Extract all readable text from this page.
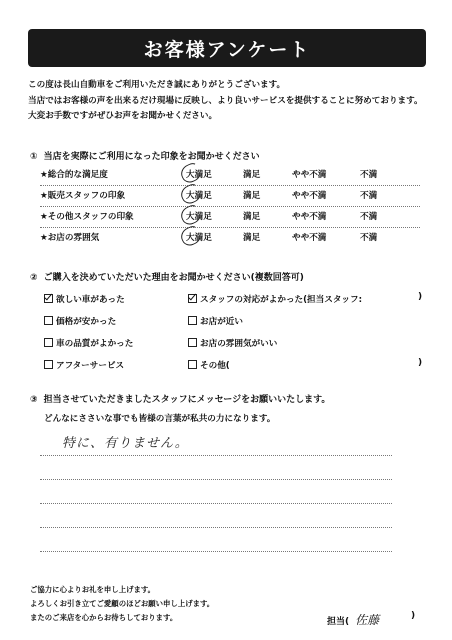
お客様アンケート
この度は長山自動車をご利用いただき誠にありがとうございます。
当店ではお客様の声を出来るだけ現場に反映し、より良いサービスを提供することに努めております。
大変お手数ですがぜひお声をお聞かせください。
① 当店を実際にご利用になった印象をお聞かせください
★総合的な満足度	大満足	満足	やや不満	不満
★販売スタッフの印象	大満足	満足	やや不満	不満
★その他スタッフの印象	大満足	満足	やや不満	不満
★お店の雰囲気	大満足	満足	やや不満	不満
② ご購入を決めていただいた理由をお聞かせください(複数回答可)
欲しい車があった	スタッフの対応がよかった(担当スタッフ:	)
価格が安かった	お店が近い
車の品質がよかった	お店の雰囲気がいい
アフターサービス	その他(	)
③ 担当させていただきましたスタッフにメッセージをお願いいたします。
どんなにささいな事でも皆様の言葉が私共の力になります。
特に、有りません。
ご協力に心よりお礼を申し上げます。
よろしくお引き立てご愛顧のほどお願い申し上げます。
またのご来店を心からお待ちしております。	担当( 佐藤	)
